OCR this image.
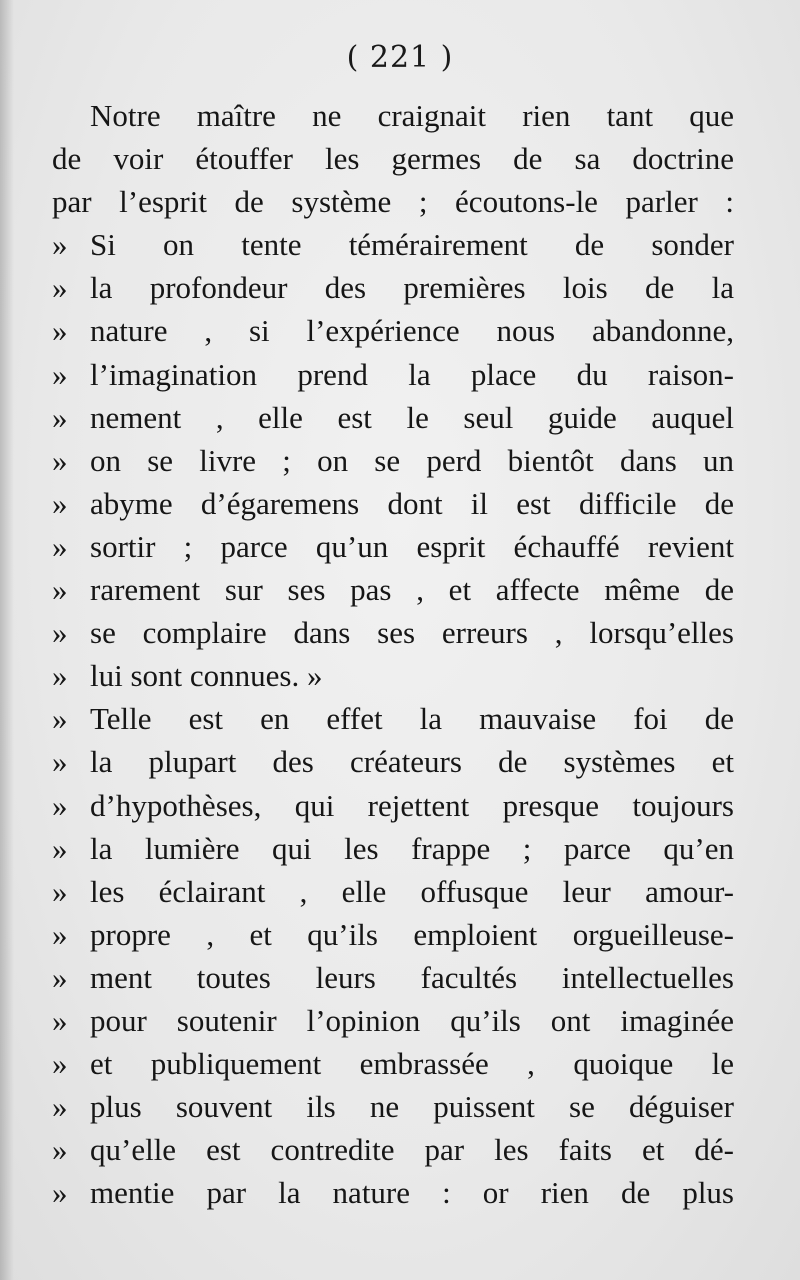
( 221 )
Notre maître ne craignait rien tant que
de voir étouffer les germes de sa doctrine
par l’esprit de système ; écoutons-le parler :
» Si on tente témérairement de sonder
» la profondeur des premières lois de la
» nature , si l’expérience nous abandonne,
» l’imagination prend la place du raison-
» nement , elle est le seul guide auquel
» on se livre ; on se perd bientôt dans un
» abyme d’égaremens dont il est difficile de
» sortir ; parce qu’un esprit échauffé revient
» rarement sur ses pas , et affecte même de
» se complaire dans ses erreurs , lorsqu’elles
» lui sont connues. »
» Telle est en effet la mauvaise foi de
» la plupart des créateurs de systèmes et
» d’hypothèses, qui rejettent presque toujours
» la lumière qui les frappe ; parce qu’en
» les éclairant , elle offusque leur amour-
» propre , et qu’ils emploient orgueilleuse-
» ment toutes leurs facultés intellectuelles
» pour soutenir l’opinion qu’ils ont imaginée
» et publiquement embrassée , quoique le
» plus souvent ils ne puissent se déguiser
» qu’elle est contredite par les faits et dé-
» mentie par la nature : or rien de plus
